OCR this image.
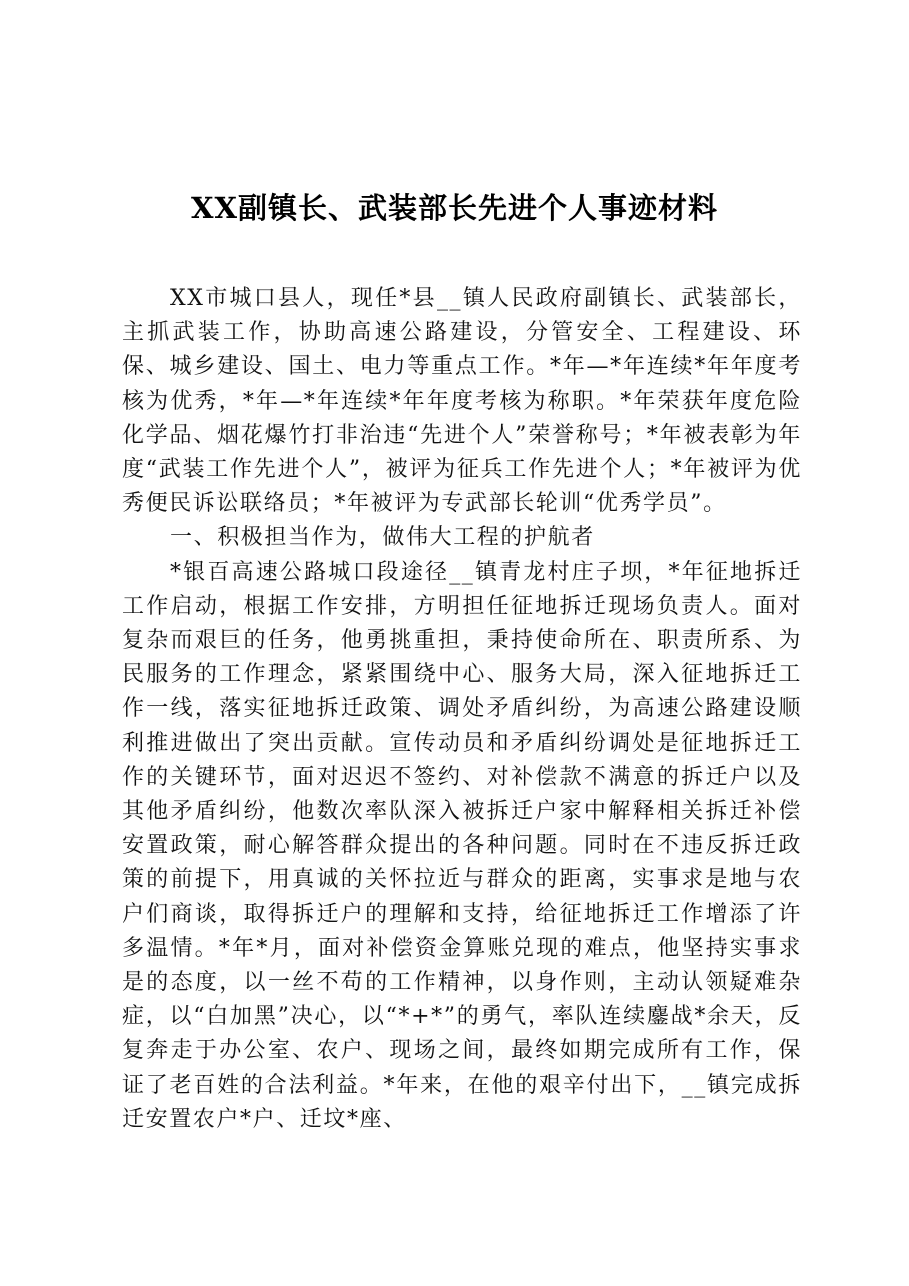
XX副镇长、武装部长先进个人事迹材料

XX市城口县人，现任*县__镇人民政府副镇长、武装部长，主抓武装工作，协助高速公路建设，分管安全、工程建设、环保、城乡建设、国土、电力等重点工作。*年—*年连续*年年度考核为优秀，*年—*年连续*年年度考核为称职。*年荣获年度危险化学品、烟花爆竹打非治违“先进个人”荣誉称号；*年被表彰为年度“武装工作先进个人”，被评为征兵工作先进个人；*年被评为优秀便民诉讼联络员；*年被评为专武部长轮训“优秀学员”。

一、积极担当作为，做伟大工程的护航者

*银百高速公路城口段途径__镇青龙村庄子坝，*年征地拆迁工作启动，根据工作安排，方明担任征地拆迁现场负责人。面对复杂而艰巨的任务，他勇挑重担，秉持使命所在、职责所系、为民服务的工作理念，紧紧围绕中心、服务大局，深入征地拆迁工作一线，落实征地拆迁政策、调处矛盾纠纷，为高速公路建设顺利推进做出了突出贡献。宣传动员和矛盾纠纷调处是征地拆迁工作的关键环节，面对迟迟不签约、对补偿款不满意的拆迁户以及其他矛盾纠纷，他数次率队深入被拆迁户家中解释相关拆迁补偿安置政策，耐心解答群众提出的各种问题。同时在不违反拆迁政策的前提下，用真诚的关怀拉近与群众的距离，实事求是地与农户们商谈，取得拆迁户的理解和支持，给征地拆迁工作增添了许多温情。*年*月，面对补偿资金算账兑现的难点，他坚持实事求是的态度，以一丝不苟的工作精神，以身作则，主动认领疑难杂症，以“白加黑”决心，以“*+*”的勇气，率队连续鏖战*余天，反复奔走于办公室、农户、现场之间，最终如期完成所有工作，保证了老百姓的合法利益。*年来，在他的艰辛付出下，__镇完成拆迁安置农户*户、迁坟*座、
